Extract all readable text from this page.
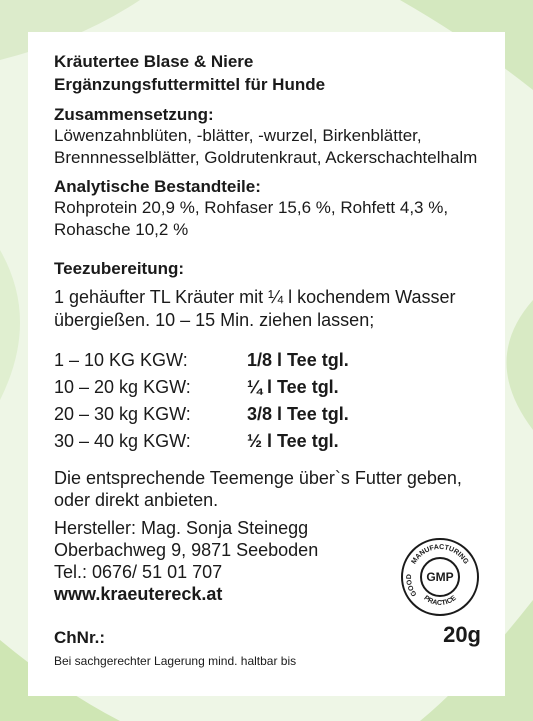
Kräutertee Blase & Niere
Ergänzungsfuttermittel für Hunde
Zusammensetzung:
Löwenzahnblüten, -blätter, -wurzel, Birkenblätter,
Brennnesselblätter, Goldrutenkraut, Ackerschachtelhalm
Analytische Bestandteile:
Rohprotein 20,9 %, Rohfaser 15,6 %, Rohfett 4,3 %,
Rohasche 10,2 %
Teezubereitung:
1 gehäufter TL Kräuter mit ¼ l kochendem Wasser
übergießen. 10 – 15 Min. ziehen lassen;
1 – 10 KG KGW:	1/8 l Tee tgl.
10 – 20 kg KGW:	¼ l Tee tgl.
20 – 30 kg KGW:	3/8 l Tee tgl.
30 – 40 kg KGW:	½ l Tee tgl.
Die entsprechende Teemenge über`s Futter geben,
oder direkt anbieten.
Hersteller: Mag. Sonja Steinegg
Oberbachweg 9, 9871 Seeboden
Tel.: 0676/ 51 01 707
www.kraeutereck.at
MANUFACTURING
PRACTICE
GOOD	GMP
ChNr.:	20g
Bei sachgerechter Lagerung mind. haltbar bis
